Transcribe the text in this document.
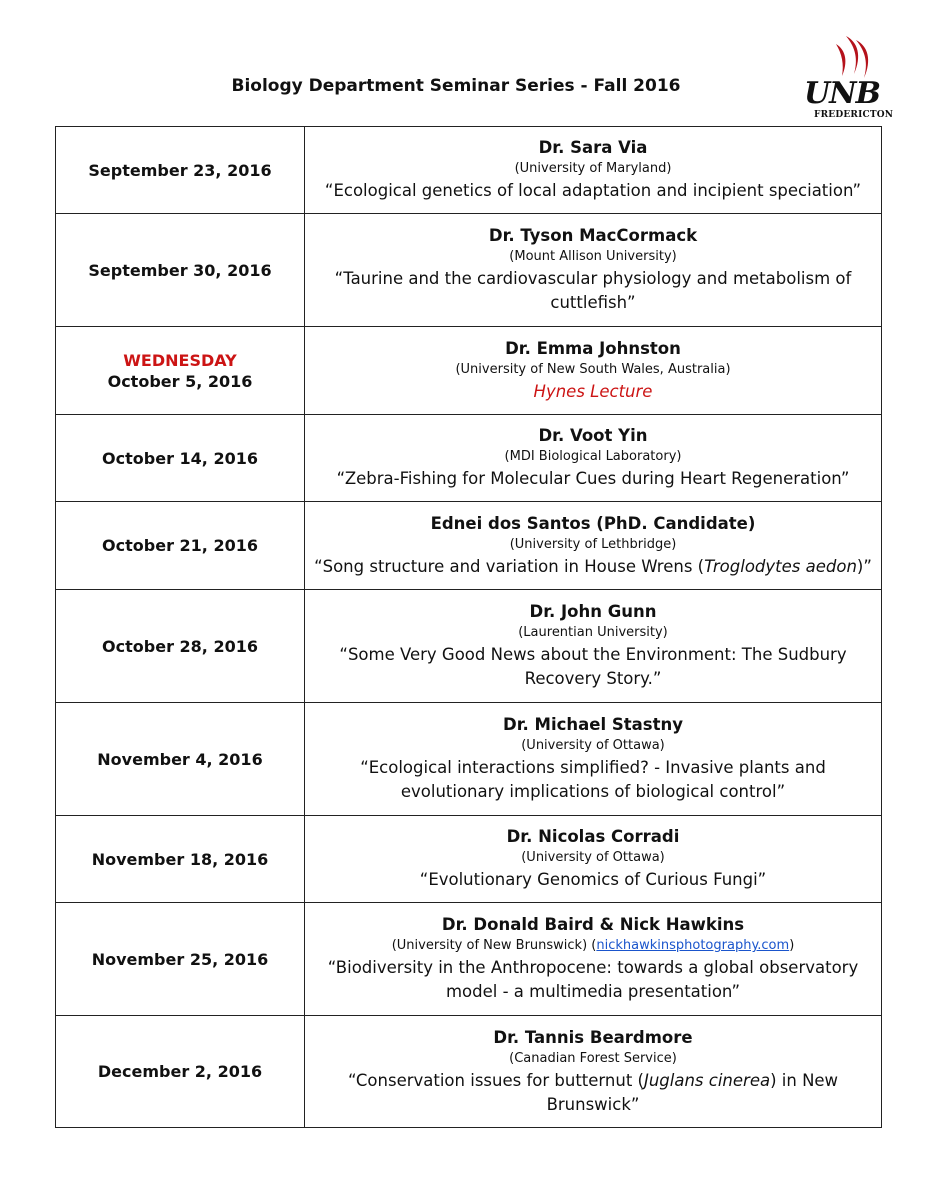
Biology Department Seminar Series - Fall 2016	UNB
FREDERICTON
September 23, 2016	Dr. Sara Via
(University of Maryland)
“Ecological genetics of local adaptation and incipient speciation”

September 30, 2016	Dr. Tyson MacCormack
(Mount Allison University)
“Taurine and the cardiovascular physiology and metabolism of cuttlefish”

WEDNESDAY
October 5, 2016	Dr. Emma Johnston
(University of New South Wales, Australia)
Hynes Lecture

October 14, 2016	Dr. Voot Yin
(MDI Biological Laboratory)
“Zebra-Fishing for Molecular Cues during Heart Regeneration”

October 21, 2016	Ednei dos Santos (PhD. Candidate)
(University of Lethbridge)
“Song structure and variation in House Wrens (Troglodytes aedon)”

October 28, 2016	Dr. John Gunn
(Laurentian University)
“Some Very Good News about the Environment: The Sudbury Recovery Story.”

November 4, 2016	Dr. Michael Stastny
(University of Ottawa)
“Ecological interactions simplified? - Invasive plants and evolutionary implications of biological control”

November 18, 2016	Dr. Nicolas Corradi
(University of Ottawa)
“Evolutionary Genomics of Curious Fungi”

November 25, 2016	Dr. Donald Baird & Nick Hawkins
(University of New Brunswick) (nickhawkinsphotography.com)
“Biodiversity in the Anthropocene: towards a global observatory model - a multimedia presentation”

December 2, 2016	Dr. Tannis Beardmore
(Canadian Forest Service)
“Conservation issues for butternut (Juglans cinerea) in New Brunswick”
